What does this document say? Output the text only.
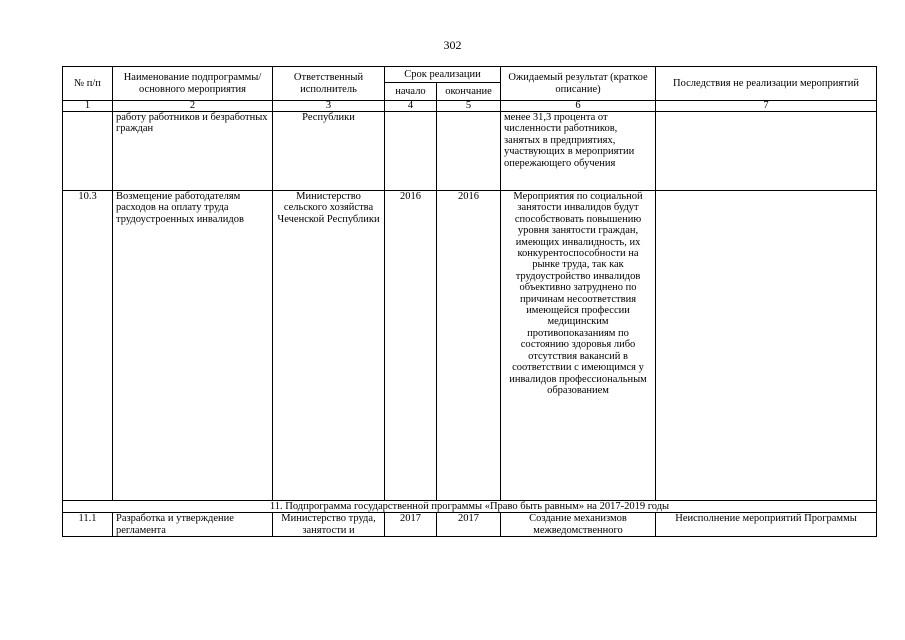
302
№ п/п	Наименование подпрограммы/ основного мероприятия	Ответственный исполнитель	Срок реализации		Ожидаемый результат (краткое описание)	Последствия не реализации мероприятий
			начало	окончание		
1	2	3	4	5	6	7
	работу работников и безработных граждан	Республики			менее 31,3 процента от численности работников, занятых в предприятиях, участвующих в мероприятии опережающего обучения	
10.3	Возмещение работодателям расходов на оплату труда трудоустроенных инвалидов	Министерство сельского хозяйства Чеченской Республики	2016	2016	Мероприятия по социальной занятости инвалидов будут способствовать повышению уровня занятости граждан, имеющих инвалидность, их конкурентоспособности на рынке труда, так как трудоустройство инвалидов объективно затруднено по причинам несоответствия имеющейся профессии медицинским противопоказаниям по состоянию здоровья либо отсутствия вакансий в соответствии с имеющимся у инвалидов профессиональным образованием	
11. Подпрограмма государственной программы «Право быть равным» на 2017-2019 годы						
11.1	Разработка и утверждение регламента	Министерство труда, занятости и	2017	2017	Создание механизмов межведомственного	Неисполнение мероприятий Программы
